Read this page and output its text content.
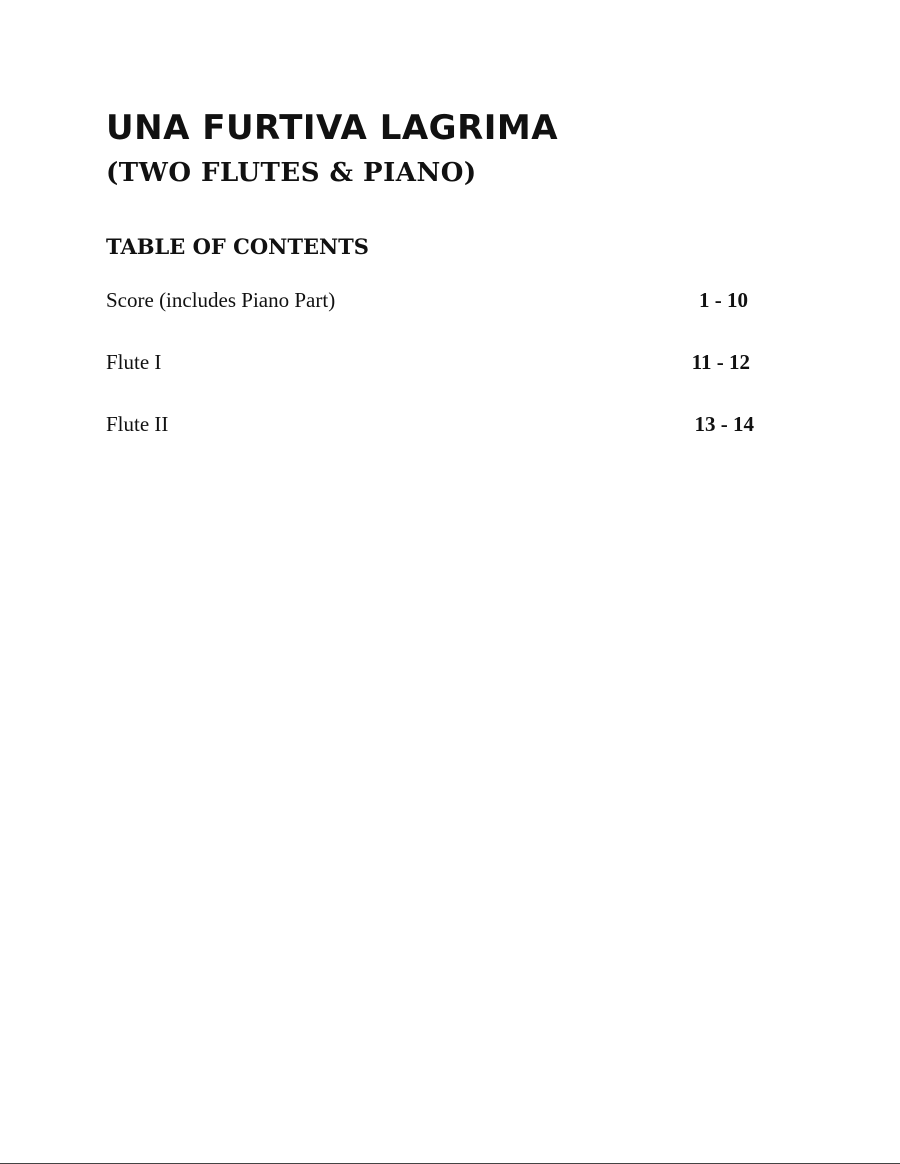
UNA FURTIVA LAGRIMA
(TWO FLUTES & PIANO)
TABLE OF CONTENTS
Score (includes Piano Part)	1 - 10
Flute I	11 - 12
Flute II	13 - 14
